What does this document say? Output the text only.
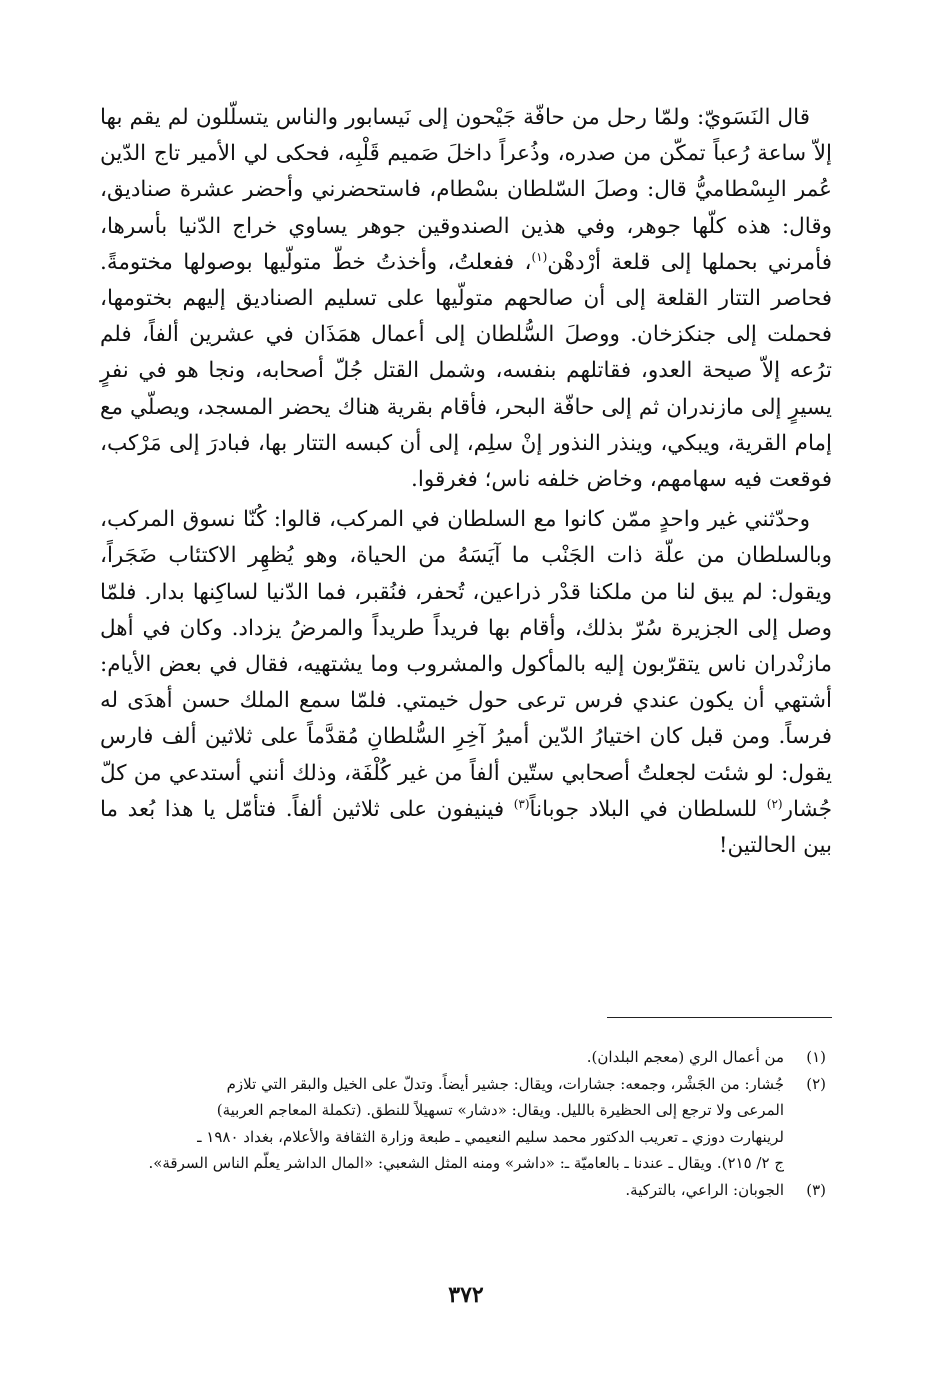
قال النَسَويّ: ولمّا رحل من حافّة جَيْحون إلى نَيسابور والناس يتسلّلون لم يقم بها إلاّ ساعة رُعباً تمكّن من صدره، وذُعراً داخلَ صَميم قَلْبِه، فحكى لي الأمير تاج الدّين عُمر البِسْطاميُّ قال: وصلَ السّلطان بسْطام، فاستحضرني وأحضر عشرة صناديق، وقال: هذه كلّها جوهر، وفي هذين الصندوقين جوهر يساوي خراج الدّنيا بأسرها، فأمرني بحملها إلى قلعة أرْدهْن$^{(١)}$، ففعلتُ، وأخذتُ خطّ متولّيها بوصولها مختومةً. فحاصر التتار القلعة إلى أن صالحهم متولّيها على تسليم الصناديق إليهم بختومها، فحملت إلى جنكزخان. ووصلَ السُّلطان إلى أعمال همَذَان في عشرين ألفاً، فلم ترُعه إلاّ صيحة العدو، فقاتلهم بنفسه، وشمل القتل جُلّ أصحابه، ونجا هو في نفرٍ يسيرٍ إلى مازندران ثم إلى حافّة البحر، فأقام بقرية هناك يحضر المسجد، ويصلّي مع إمام القرية، ويبكي، وينذر النذور إنْ سلِم، إلى أن كبسه التتار بها، فبادرَ إلى مَرْكب، فوقعت فيه سهامهم، وخاض خلفه ناس؛ فغرقوا.

وحدّثني غير واحدٍ ممّن كانوا مع السلطان في المركب، قالوا: كُنّا نسوق المركب، وبالسلطان من علّة ذات الجَنْب ما آيَسَهُ من الحياة، وهو يُظهِر الاكتئاب ضَجَراً، ويقول: لم يبق لنا من ملكنا قدْر ذراعين، تُحفر، فنُقبر، فما الدّنيا لساكِنها بدار. فلمّا وصل إلى الجزيرة سُرّ بذلك، وأقام بها فريداً طريداً والمرضُ يزداد. وكان في أهل مازنْدران ناس يتقرّبون إليه بالمأكول والمشروب وما يشتهيه، فقال في بعض الأيام: أشتهي أن يكون عندي فرس ترعى حول خيمتي. فلمّا سمع الملك حسن أهدَى له فرساً. ومن قبل كان اختيارُ الدّين أميرُ آخِرِ السُّلطانِ مُقدَّماً على ثلاثين ألف فارس يقول: لو شئت لجعلتُ أصحابي ستّين ألفاً من غير كُلْفَة، وذلك أنني أستدعي من كلّ جُشار$^{(٢)}$ للسلطان في البلاد جوباناً$^{(٣)}$ فينيفون على ثلاثين ألفاً. فتأمّل يا هذا بُعد ما بين الحالتين!

(١)
من أعمال الري (معجم البلدان).
(٢)
جُشار: من الجَشْر، وجمعه: جشارات، ويقال: جشير أيضاً. وتدلّ على الخيل والبقر التي تلازم
المرعى ولا ترجع إلى الحظيرة بالليل. ويقال: «دشار» تسهيلاً للنطق. (تكملة المعاجم العربية)
لرينهارت دوزي ـ تعريب الدكتور محمد سليم النعيمي ـ طبعة وزارة الثقافة والأعلام، بغداد ١٩٨٠ ـ
ج ٢/ ٢١٥). ويقال ـ عندنا ـ بالعاميّة ـ: «داشر» ومنه المثل الشعبي: «المال الداشر يعلّم الناس السرقة».
(٣)
الجوبان: الراعي، بالتركية.
٣٧٢
